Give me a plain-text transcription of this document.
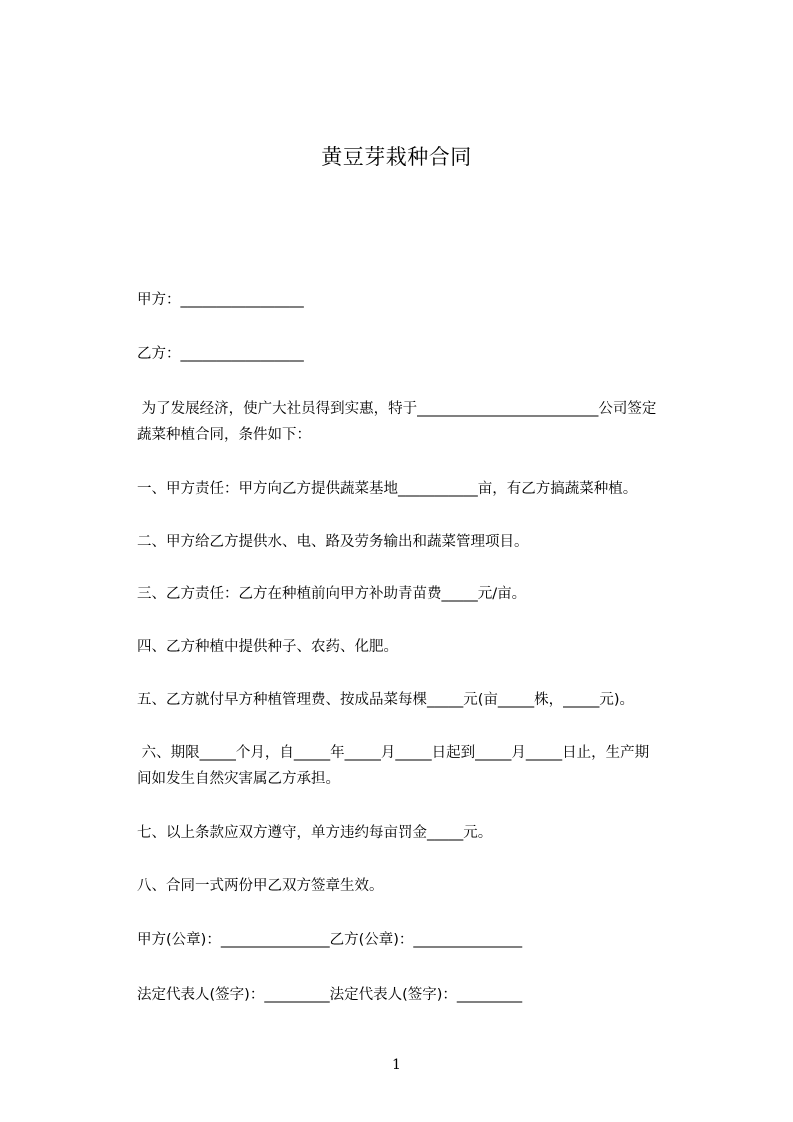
黄豆芽栽种合同
甲方：_________________
乙方：_________________
为了发展经济，使广大社员得到实惠，特于_________________________公司签定
蔬菜种植合同，条件如下：
一、甲方责任：甲方向乙方提供蔬菜基地___________亩，有乙方搞蔬菜种植。
二、甲方给乙方提供水、电、路及劳务输出和蔬菜管理项目。
三、乙方责任：乙方在种植前向甲方补助青苗费_____元/亩。
四、乙方种植中提供种子、农药、化肥。
五、乙方就付早方种植管理费、按成品菜每棵_____元(亩_____株，_____元)。
六、期限_____个月，自_____年_____月_____日起到_____月_____日止，生产期
间如发生自然灾害属乙方承担。
七、以上条款应双方遵守，单方违约每亩罚金_____元。
八、合同一式两份甲乙双方签章生效。
甲方(公章)：_______________乙方(公章)：_______________
法定代表人(签字)：_________法定代表人(签字)：_________
1
